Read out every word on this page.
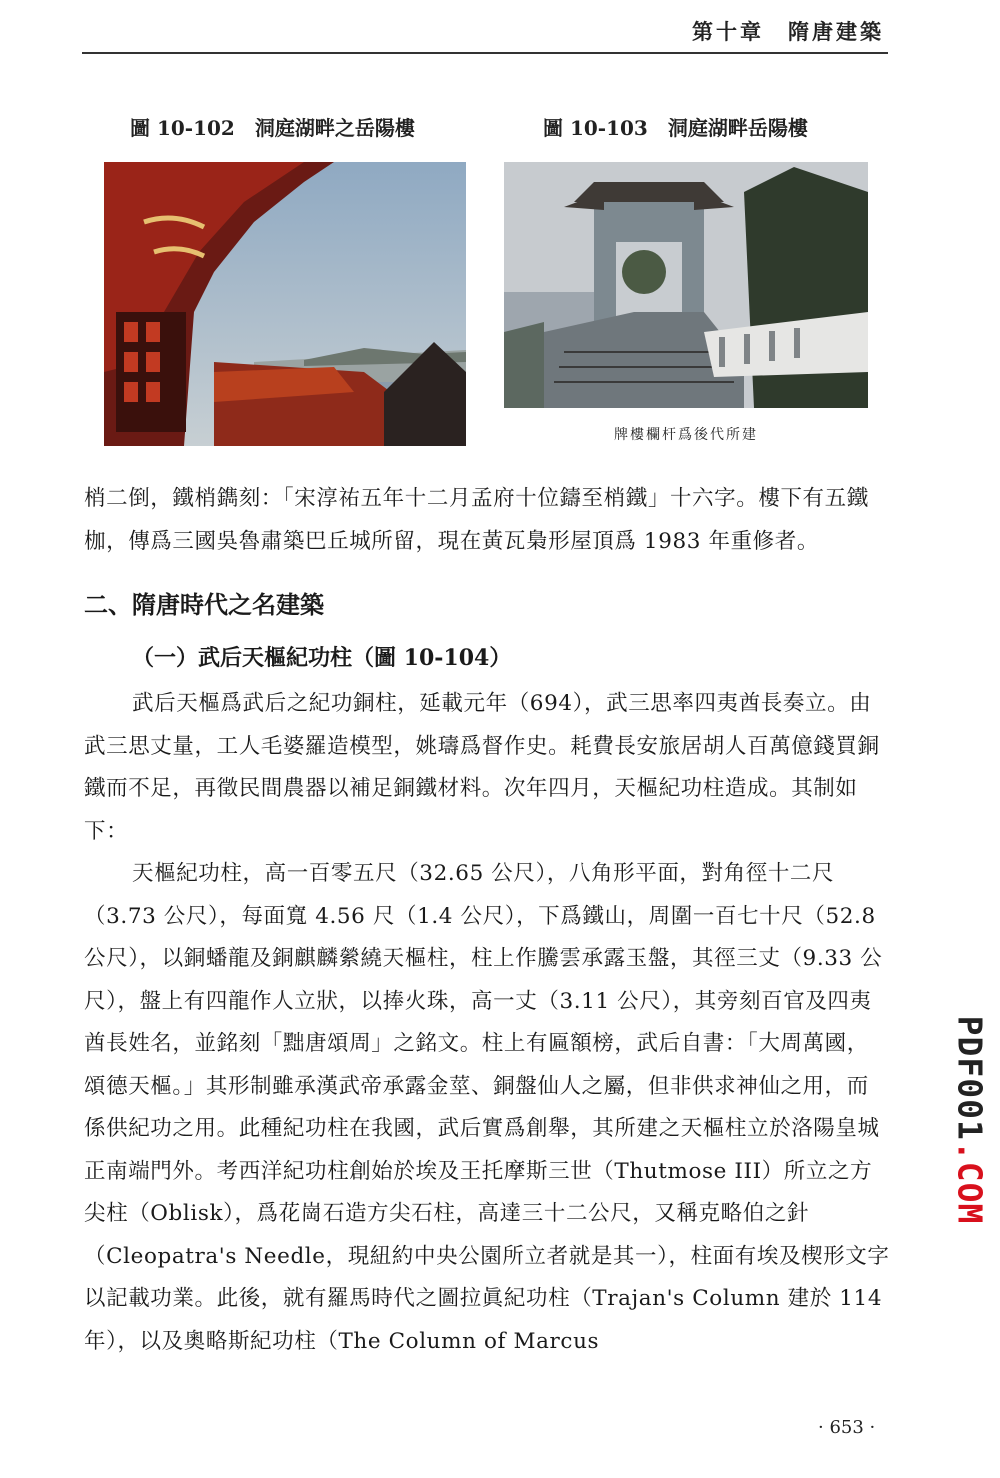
第十章　隋唐建築
圖 10-102　洞庭湖畔之岳陽樓	圖 10-103　洞庭湖畔岳陽樓
牌樓欄杆爲後代所建

梢二倒，鐵梢鐫刻：「宋淳祐五年十二月孟府十位鑄至梢鐵」十六字。樓下有五鐵枷，傳爲三國吳魯肅築巴丘城所留，現在黃瓦梟形屋頂爲 1983 年重修者。

二、隋唐時代之名建築
（一）武后天樞紀功柱（圖 10-104）

武后天樞爲武后之紀功銅柱，延載元年（694），武三思率四夷酋長奏立。由武三思丈量，工人毛婆羅造模型，姚璹爲督作史。耗費長安旅居胡人百萬億錢買銅鐵而不足，再徵民間農器以補足銅鐵材料。次年四月，天樞紀功柱造成。其制如下：

天樞紀功柱，高一百零五尺（32.65 公尺），八角形平面，對角徑十二尺（3.73 公尺），每面寬 4.56 尺（1.4 公尺），下爲鐵山，周圍一百七十尺（52.8 公尺），以銅蟠龍及銅麒麟縈繞天樞柱，柱上作騰雲承露玉盤，其徑三丈（9.33 公尺），盤上有四龍作人立狀，以捧火珠，高一丈（3.11 公尺），其旁刻百官及四夷酋長姓名，並銘刻「黜唐頌周」之銘文。柱上有匾額榜，武后自書：「大周萬國，頌德天樞。」其形制雖承漢武帝承露金莖、銅盤仙人之屬，但非供求神仙之用，而係供紀功之用。此種紀功柱在我國，武后實爲創舉，其所建之天樞柱立於洛陽皇城正南端門外。考西洋紀功柱創始於埃及王托摩斯三世（Thutmose III）所立之方尖柱（Oblisk），爲花崗石造方尖石柱，高達三十二公尺，又稱克略伯之針（Cleopatra's Needle，現紐約中央公園所立者就是其一），柱面有埃及楔形文字以記載功業。此後，就有羅馬時代之圖拉眞紀功柱（Trajan's Column 建於 114 年），以及奧略斯紀功柱（The Column of Marcus

· 653 ·
PDF001.COM
